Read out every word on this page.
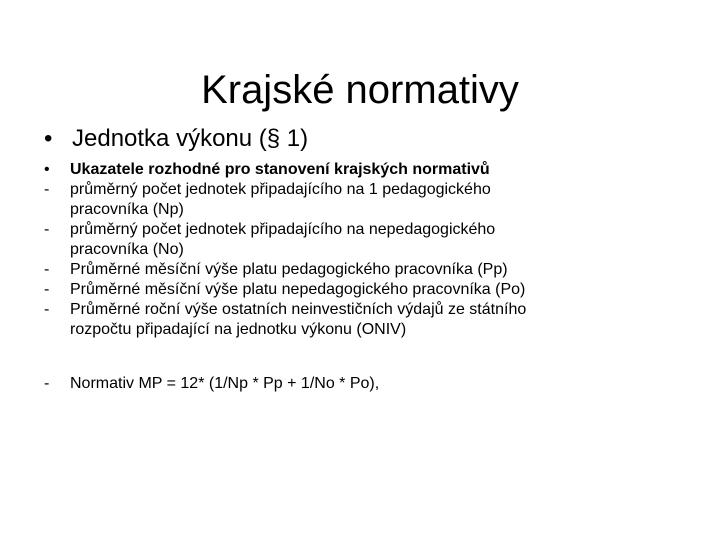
Krajské normativy
• Jednotka výkonu (§ 1)
•	Ukazatele rozhodné pro stanovení krajských normativů
-	průměrný počet jednotek připadajícího na 1 pedagogického
pracovníka (Np)
-	průměrný počet jednotek připadajícího na nepedagogického
pracovníka (No)
-	Průměrné měsíční výše platu pedagogického pracovníka (Pp)
-	Průměrné měsíční výše platu nepedagogického pracovníka (Po)
-	Průměrné roční výše ostatních neinvestičních výdajů ze státního
rozpočtu připadající na jednotku výkonu (ONIV)
-	Normativ MP = 12* (1/Np * Pp + 1/No * Po),
